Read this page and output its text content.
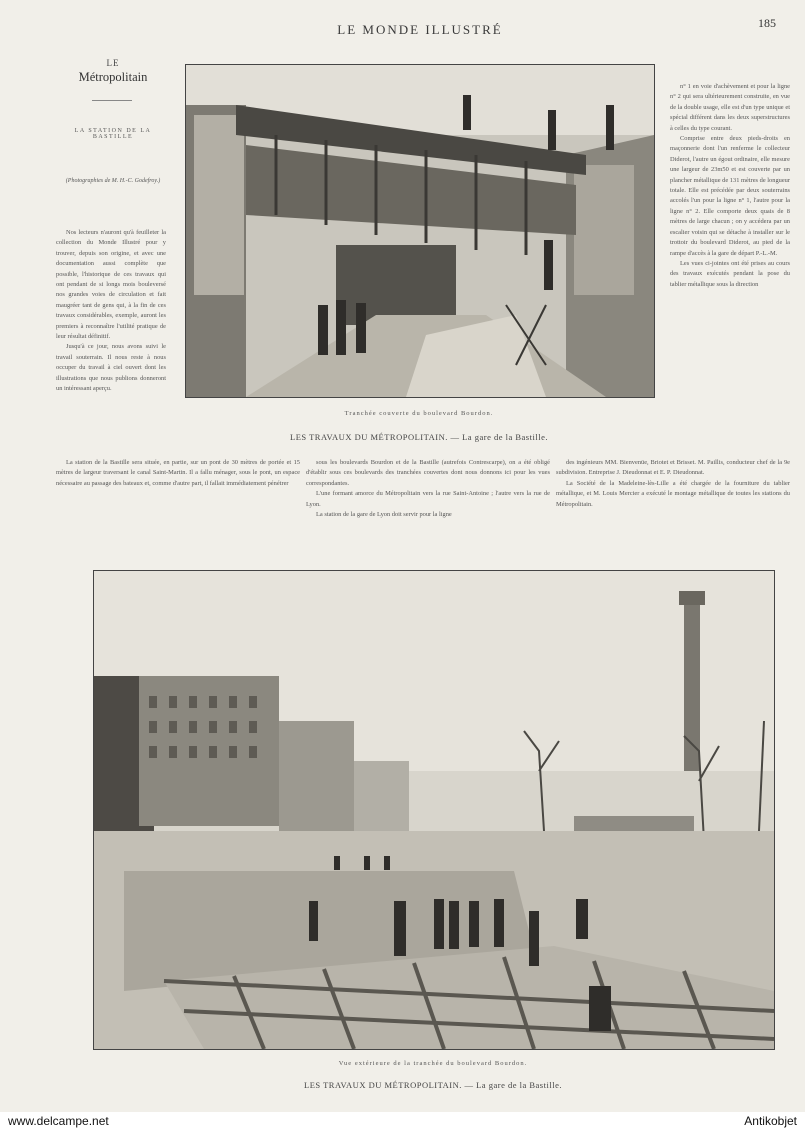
LE MONDE ILLUSTRÉ	185
LE
Métropolitain
LA STATION DE LA BASTILLE
(Photographies de M. H.-C. Godefroy.)

Nos lecteurs n'auront qu'à feuilleter la collection du Monde Illustré pour y trouver, depuis son origine, et avec une documentation aussi complète que possible, l'historique de ces travaux qui ont pendant de si longs mois bouleversé nos grandes voies de circulation et fait maugréer tant de gens qui, à la fin de ces travaux considérables, exemple, auront les premiers à reconnaître l'utilité pratique de leur résultat définitif.

Jusqu'à ce jour, nous avons suivi le travail souterrain. Il nous reste à nous occuper du travail à ciel ouvert dont les illustrations que nous publions donneront un intéressant aperçu.

n° 1 en voie d'achèvement et pour la ligne n° 2 qui sera ultérieurement construite, en vue de la double usage, elle est d'un type unique et spécial différent dans les deux superstructures à celles du type courant.

Comprise entre deux pieds-droits en maçonnerie dont l'un renferme le collecteur Diderot, l'autre un égout ordinaire, elle mesure une largeur de 23m50 et est couverte par un plancher métallique de 131 mètres de longueur totale. Elle est précédée par deux souterrains accolés l'un pour la ligne n° 1, l'autre pour la ligne n° 2. Elle comporte deux quais de 8 mètres de large chacun ; on y accédera par un escalier voisin qui se détache à installer sur le trottoir du boulevard Diderot, au pied de la rampe d'accès à la gare de départ P.-L.-M.

Les vues ci-jointes ont été prises au cours des travaux exécutés pendant la pose du tablier métallique sous la direction

Tranchée couverte du boulevard Bourdon.
LES TRAVAUX DU MÉTROPOLITAIN. — La gare de la Bastille.

La station de la Bastille sera située, en partie, sur un pont de 30 mètres de portée et 15 mètres de largeur traversant le canal Saint-Martin. Il a fallu ménager, sous le pont, un espace nécessaire au passage des bateaux et, comme d'autre part, il fallait immédiatement pénétrer

sous les boulevards Bourdon et de la Bastille (autrefois Contrescarpe), on a été obligé d'établir sous ces boulevards des tranchées couvertes dont nous donnons ici pour les vues correspondantes.

L'une formant amorce du Métropolitain vers la rue Saint-Antoine ; l'autre vers la rue de Lyon.

La station de la gare de Lyon doit servir pour la ligne

des ingénieurs MM. Bienvenüe, Briotet et Brisset. M. Paillis, conducteur chef de la 9e subdivision. Entreprise J. Dieudonnat et E. P. Dieudonnat.

La Société de la Madeleine-lès-Lille a été chargée de la fourniture du tablier métallique, et M. Louis Mercier a exécuté le montage métallique de toutes les stations du Métropolitain.

Vue extérieure de la tranchée du boulevard Bourdon.
LES TRAVAUX DU MÉTROPOLITAIN. — La gare de la Bastille.
www.delcampe.net	Antikobjet
